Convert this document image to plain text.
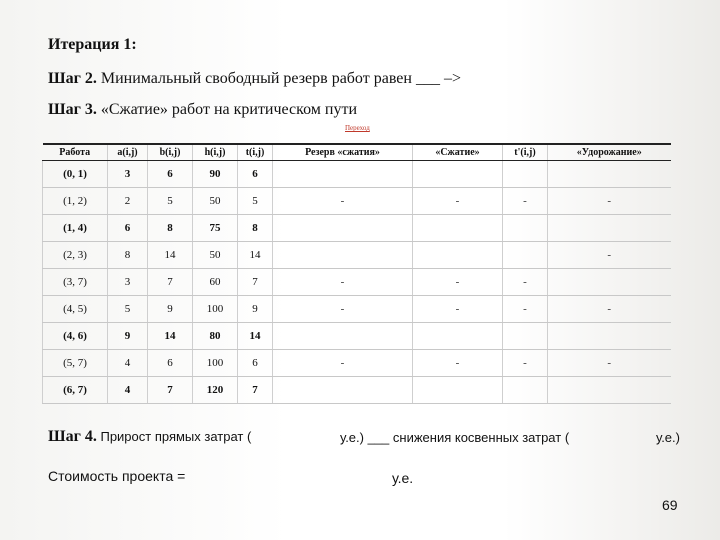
Итерация 1:
Шаг 2. Минимальный свободный резерв работ равен ___ –>
Шаг 3. «Сжатие» работ на критическом пути
Переход
Работа	a(i,j)	b(i,j)	h(i,j)	t(i,j)	Резерв «сжатия»	«Сжатие»	t'(i,j)	«Удорожание»
(0, 1)	3	6	90	6				
(1, 2)	2	5	50	5	-	-	-	-
(1, 4)	6	8	75	8				
(2, 3)	8	14	50	14				-
(3, 7)	3	7	60	7	-	-	-	
(4, 5)	5	9	100	9	-	-	-	-
(4, 6)	9	14	80	14				
(5, 7)	4	6	100	6	-	-	-	-
(6, 7)	4	7	120	7				
Шаг 4. Прирост прямых затрат (	у.е.) ___ снижения косвенных затрат (	у.е.)
Стоимость проекта =	у.е.
69
